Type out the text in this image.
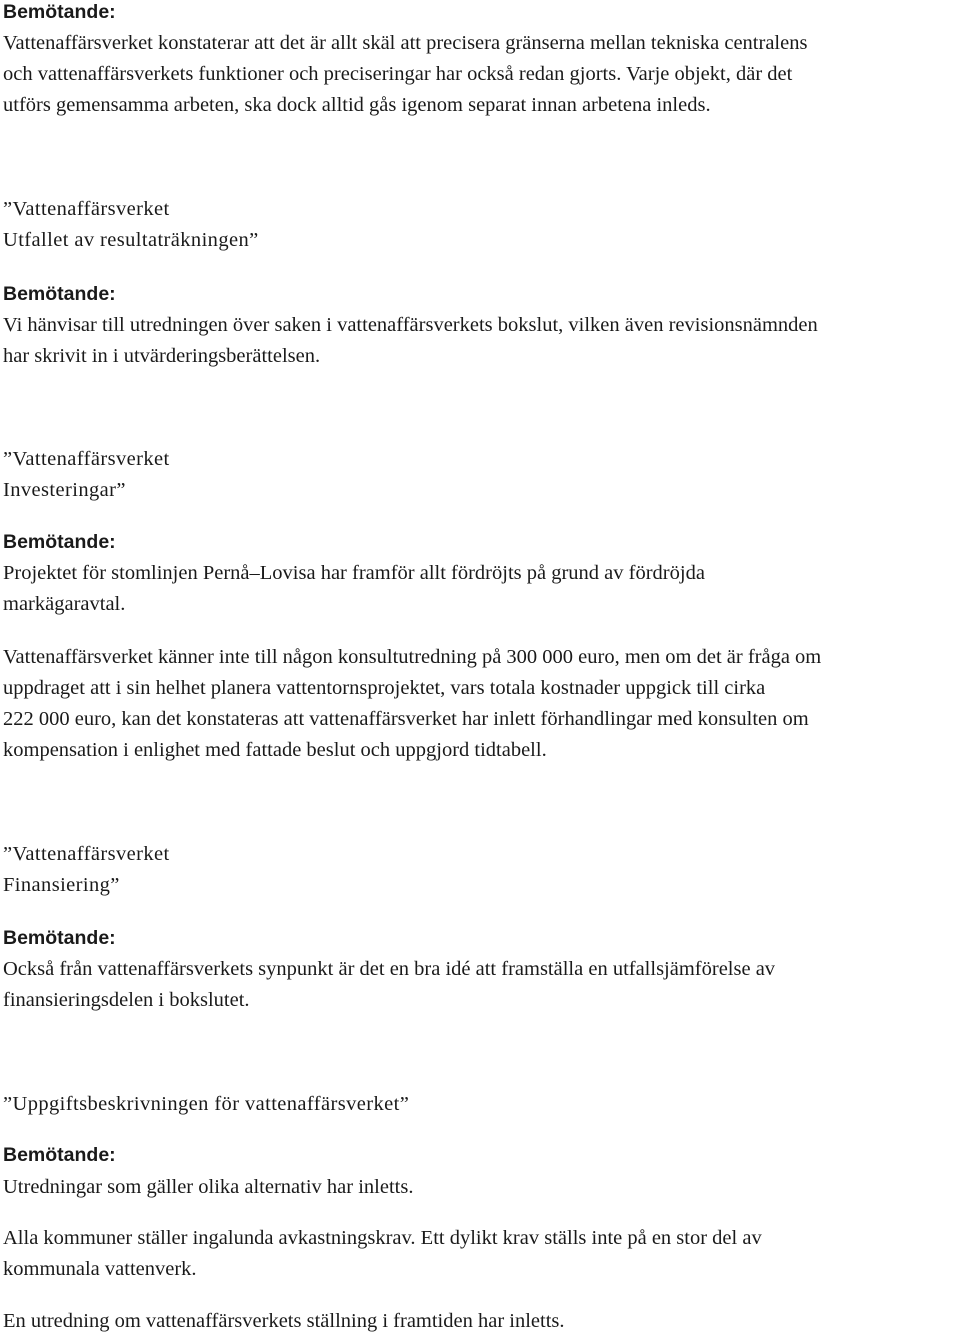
Bemötande:

Vattenaffärsverket konstaterar att det är allt skäl att precisera gränserna mellan tekniska centralens

och vattenaffärsverkets funktioner och preciseringar har också redan gjorts. Varje objekt, där det

utförs gemensamma arbeten, ska dock alltid gås igenom separat innan arbetena inleds.

”Vattenaffärsverket

Utfallet av resultaträkningen”

Bemötande:

Vi hänvisar till utredningen över saken i vattenaffärsverkets bokslut, vilken även revisionsnämnden

har skrivit in i utvärderingsberättelsen.

”Vattenaffärsverket

Investeringar”

Bemötande:

Projektet för stomlinjen Pernå–Lovisa har framför allt fördröjts på grund av fördröjda

markägaravtal.

Vattenaffärsverket känner inte till någon konsultutredning på 300 000 euro, men om det är fråga om

uppdraget att i sin helhet planera vattentornsprojektet, vars totala kostnader uppgick till cirka

222 000 euro, kan det konstateras att vattenaffärsverket har inlett förhandlingar med konsulten om

kompensation i enlighet med fattade beslut och uppgjord tidtabell.

”Vattenaffärsverket

Finansiering”

Bemötande:

Också från vattenaffärsverkets synpunkt är det en bra idé att framställa en utfallsjämförelse av

finansieringsdelen i bokslutet.

”Uppgiftsbeskrivningen för vattenaffärsverket”

Bemötande:

Utredningar som gäller olika alternativ har inletts.

Alla kommuner ställer ingalunda avkastningskrav. Ett dylikt krav ställs inte på en stor del av

kommunala vattenverk.

En utredning om vattenaffärsverkets ställning i framtiden har inletts.
